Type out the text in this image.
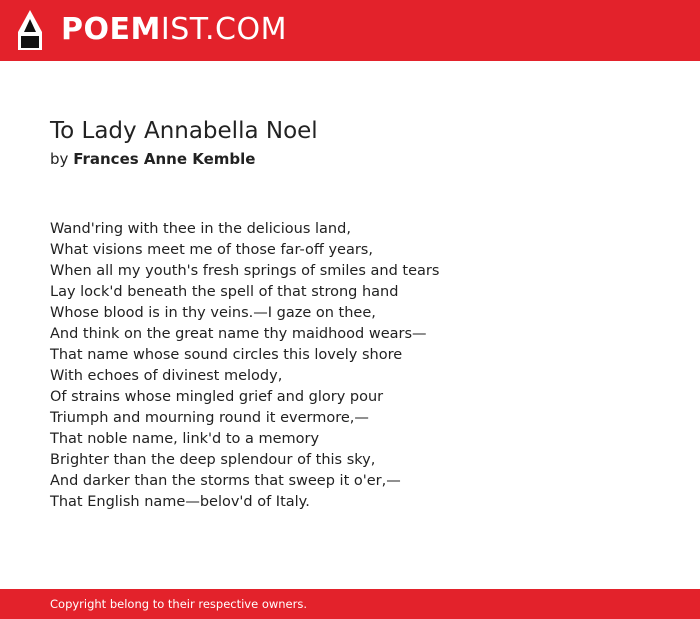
POEMIST.COM
To Lady Annabella Noel
by Frances Anne Kemble
Wand'ring with thee in the delicious land,
What visions meet me of those far-off years,
When all my youth's fresh springs of smiles and tears
Lay lock'd beneath the spell of that strong hand
Whose blood is in thy veins.—I gaze on thee,
And think on the great name thy maidhood wears—
That name whose sound circles this lovely shore
With echoes of divinest melody,
Of strains whose mingled grief and glory pour
Triumph and mourning round it evermore,—
That noble name, link'd to a memory
Brighter than the deep splendour of this sky,
And darker than the storms that sweep it o'er,—
That English name—belov'd of Italy.
Copyright belong to their respective owners.
